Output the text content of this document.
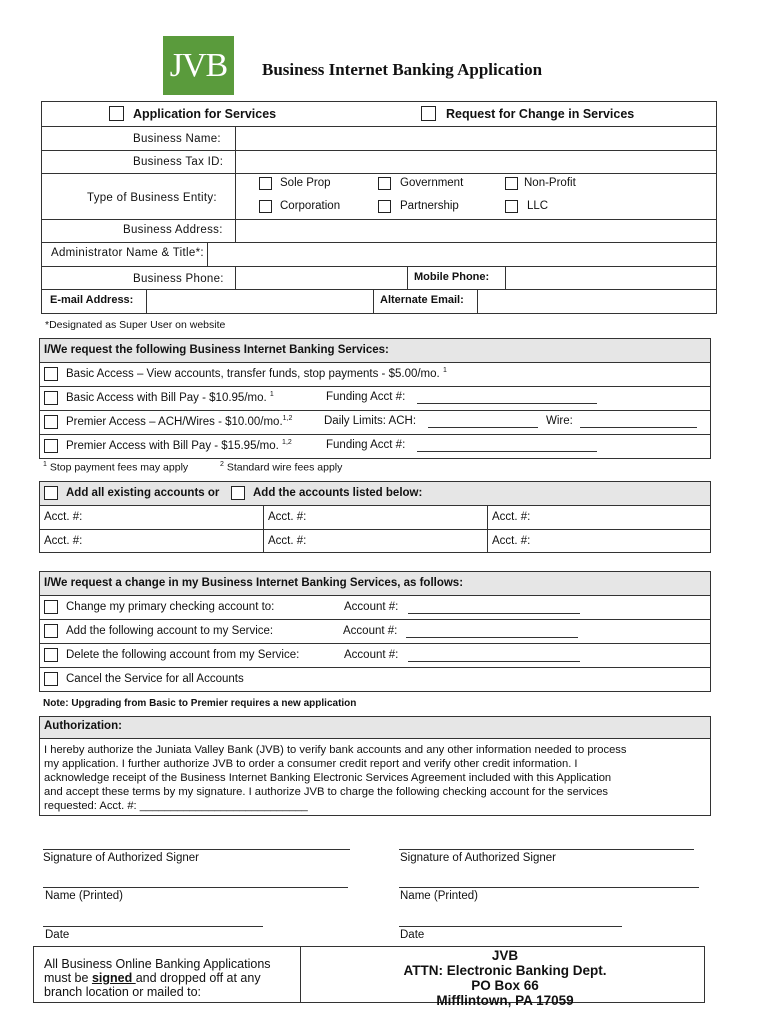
JVB Business Internet Banking Application
Application for Services	Request for Change in Services
Business Name:
Business Tax ID:
Type of Business Entity:
Sole Prop	Government	Non-Profit
Corporation	Partnership	LLC
Business Address:
Administrator Name & Title*:
Business Phone:	Mobile Phone:
E-mail Address:	Alternate Email:
*Designated as Super User on website
I/We request the following Business Internet Banking Services:
Basic Access – View accounts, transfer funds, stop payments - $5.00/mo. $^1$
Basic Access with Bill Pay - $10.95/mo. $^1$	Funding Acct #:
Premier Access – ACH/Wires - $10.00/mo.$^{1,2}$	Daily Limits: ACH:	Wire:
Premier Access with Bill Pay - $15.95/mo. $^{1,2}$	Funding Acct #:
$^1$ Stop payment fees may apply	$^2$ Standard wire fees apply
Add all existing accounts or	Add the accounts listed below:
Acct. #:	Acct. #:	Acct. #:
Acct. #:	Acct. #:	Acct. #:
I/We request a change in my Business Internet Banking Services, as follows:
Change my primary checking account to:	Account #:
Add the following account to my Service:	Account #:
Delete the following account from my Service:	Account #:
Cancel the Service for all Accounts
Note: Upgrading from Basic to Premier requires a new application
Authorization:
I hereby authorize the Juniata Valley Bank (JVB) to verify bank accounts and any other information needed to process
my application. I further authorize JVB to order a consumer credit report and verify other credit information. I
acknowledge receipt of the Business Internet Banking Electronic Services Agreement included with this Application
and accept these terms by my signature. I authorize JVB to charge the following checking account for the services
requested: Acct. #: ___________________________
Signature of Authorized Signer	Signature of Authorized Signer
Name (Printed)	Name (Printed)
Date	Date
All Business Online Banking Applications
must be signed and dropped off at any
branch location or mailed to:
JVB
ATTN: Electronic Banking Dept.
PO Box 66
Mifflintown, PA 17059
